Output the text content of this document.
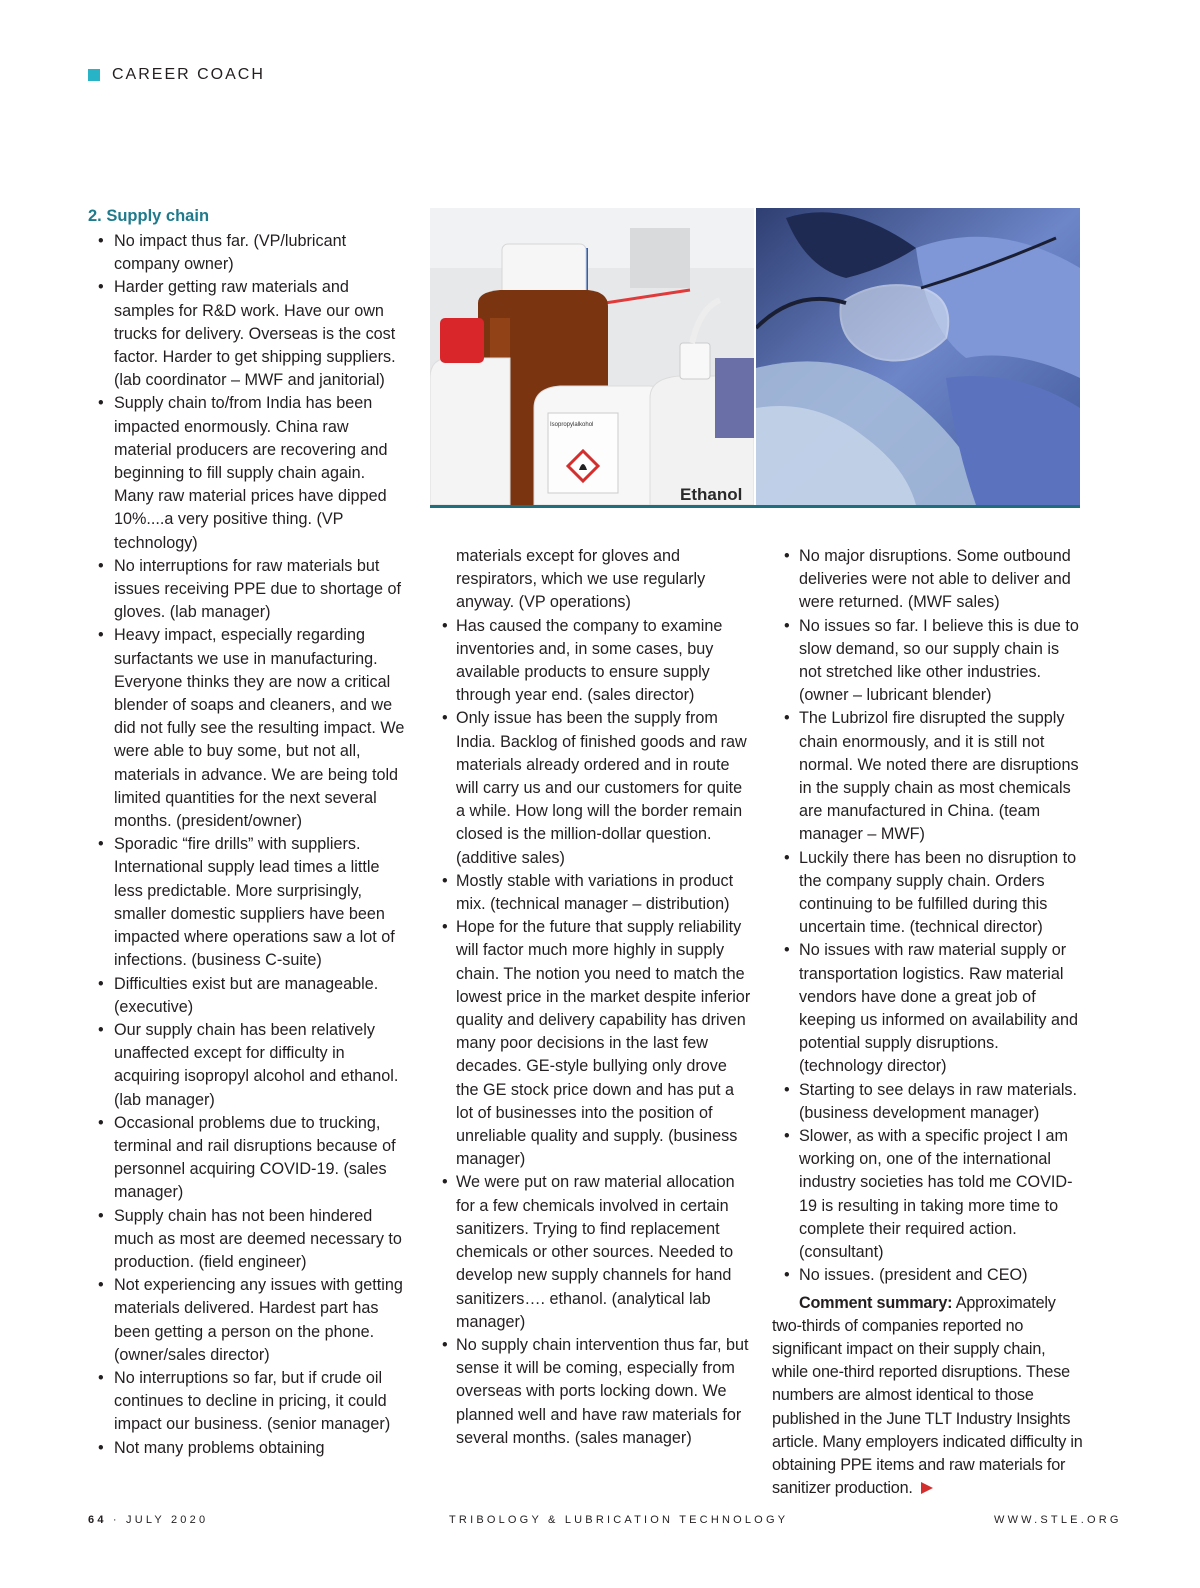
CAREER COACH
2. Supply chain
• No impact thus far. (VP/lubricant company owner)
• Harder getting raw materials and samples for R&D work. Have our own trucks for delivery. Overseas is the cost factor. Harder to get shipping suppliers. (lab coordinator – MWF and janitorial)
• Supply chain to/from India has been impacted enormously. China raw material producers are recovering and beginning to fill supply chain again. Many raw material prices have dipped 10%....a very positive thing. (VP technology)
• No interruptions for raw materials but issues receiving PPE due to shortage of gloves. (lab manager)
• Heavy impact, especially regarding surfactants we use in manufacturing. Everyone thinks they are now a critical blender of soaps and cleaners, and we did not fully see the resulting impact. We were able to buy some, but not all, materials in advance. We are being told limited quantities for the next several months. (president/owner)
• Sporadic “fire drills” with suppliers. International supply lead times a little less predictable. More surprisingly, smaller domestic suppliers have been impacted where operations saw a lot of infections. (business C-suite)
• Difficulties exist but are manageable. (executive)
• Our supply chain has been relatively unaffected except for difficulty in acquiring isopropyl alcohol and ethanol. (lab manager)
• Occasional problems due to trucking, terminal and rail disruptions because of personnel acquiring COVID-19. (sales manager)
• Supply chain has not been hindered much as most are deemed necessary to production. (field engineer)
• Not experiencing any issues with getting materials delivered. Hardest part has been getting a person on the phone. (owner/sales director)
• No interruptions so far, but if crude oil continues to decline in pricing, it could impact our business. (senior manager)
• Not many problems obtaining
Isopropylalkohol
Ethanol
materials except for gloves and respirators, which we use regularly anyway. (VP operations)
• Has caused the company to examine inventories and, in some cases, buy available products to ensure supply through year end. (sales director)
• Only issue has been the supply from India. Backlog of finished goods and raw materials already ordered and in route will carry us and our customers for quite a while. How long will the border remain closed is the million-dollar question. (additive sales)
• Mostly stable with variations in product mix. (technical manager – distribution)
• Hope for the future that supply reliability will factor much more highly in supply chain. The notion you need to match the lowest price in the market despite inferior quality and delivery capability has driven many poor decisions in the last few decades. GE-style bullying only drove the GE stock price down and has put a lot of businesses into the position of unreliable quality and supply. (business manager)
• We were put on raw material allocation for a few chemicals involved in certain sanitizers. Trying to find replacement chemicals or other sources. Needed to develop new supply channels for hand sanitizers…. ethanol. (analytical lab manager)
• No supply chain intervention thus far, but sense it will be coming, especially from overseas with ports locking down. We planned well and have raw materials for several months. (sales manager)
• No major disruptions. Some outbound deliveries were not able to deliver and were returned. (MWF sales)
• No issues so far. I believe this is due to slow demand, so our supply chain is not stretched like other industries. (owner – lubricant blender)
• The Lubrizol fire disrupted the supply chain enormously, and it is still not normal. We noted there are disruptions in the supply chain as most chemicals are manufactured in China. (team manager – MWF)
• Luckily there has been no disruption to the company supply chain. Orders continuing to be fulfilled during this uncertain time. (technical director)
• No issues with raw material supply or transportation logistics. Raw material vendors have done a great job of keeping us informed on availability and potential supply disruptions. (technology director)
• Starting to see delays in raw materials. (business development manager)
• Slower, as with a specific project I am working on, one of the international industry societies has told me COVID-19 is resulting in taking more time to complete their required action. (consultant)
• No issues. (president and CEO)

Comment summary: Approximately two-thirds of companies reported no significant impact on their supply chain, while one-third reported disruptions. These numbers are almost identical to those published in the June TLT Industry Insights article. Many employers indicated difficulty in obtaining PPE items and raw materials for sanitizer production.

64 · JULY 2020	TRIBOLOGY & LUBRICATION TECHNOLOGY	WWW.STLE.ORG
